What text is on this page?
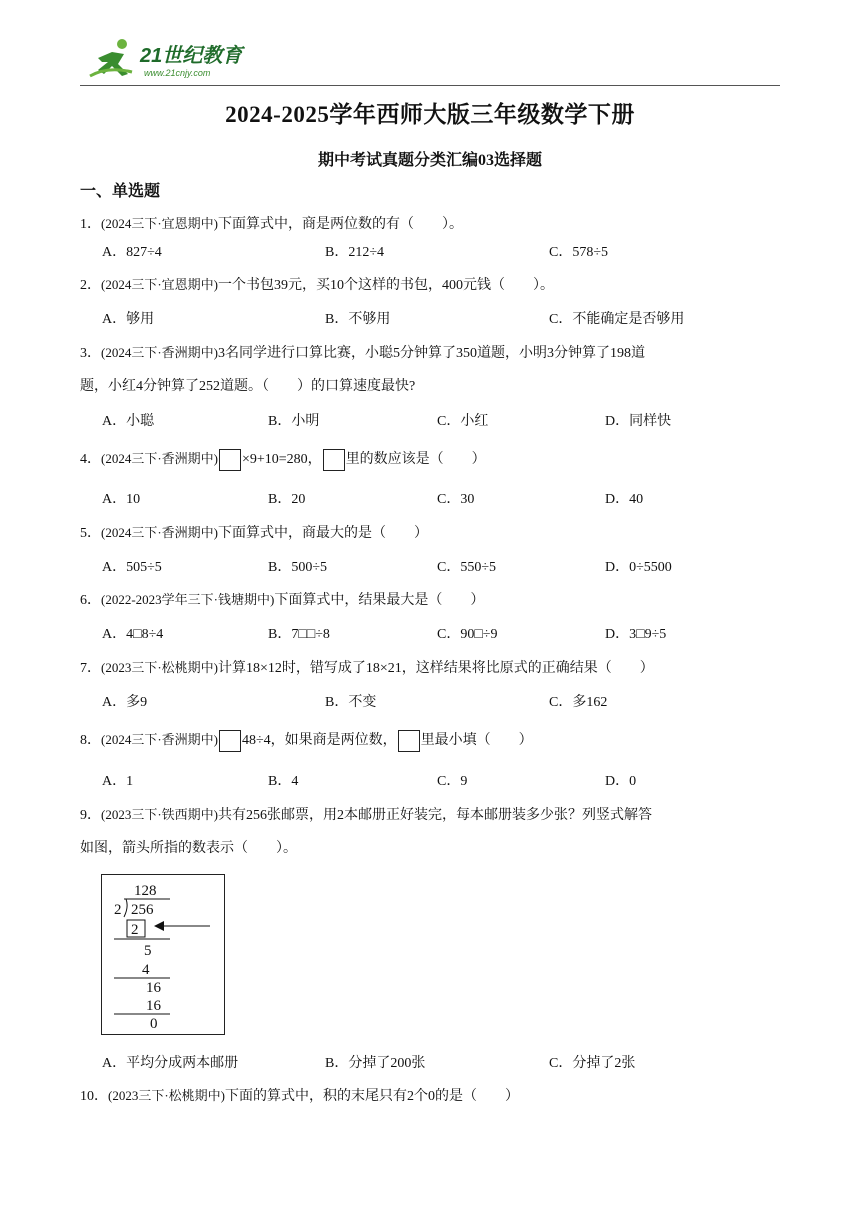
21世纪教育
www.21cnjy.com
2024-2025学年西师大版三年级数学下册
期中考试真题分类汇编03选择题
一、单选题
1．(2024三下·宜恩期中)下面算式中，商是两位数的有（　　）。
A．827÷4	B．212÷4	C．578÷5
2．(2024三下·宜恩期中)一个书包39元，买10个这样的书包，400元钱（　　）。
A．够用	B．不够用	C．不能确定是否够用
3．(2024三下·香洲期中)3名同学进行口算比赛，小聪5分钟算了350道题，小明3分钟算了198道
题，小红4分钟算了252道题。（　　）的口算速度最快?
A．小聪	B．小明	C．小红	D．同样快
4．(2024三下·香洲期中) ×9+10=280， 里的数应该是（　　）
A．10	B．20	C．30	D．40
5．(2024三下·香洲期中)下面算式中，商最大的是（　　）
A．505÷5	B．500÷5	C．550÷5	D．0÷5500
6．(2022-2023学年三下·钱塘期中)下面算式中，结果最大是（　　）
A．4□8÷4	B．7□□÷8	C．90□÷9	D．3□9÷5
7．(2023三下·松桃期中)计算18×12时，错写成了18×21，这样结果将比原式的正确结果（　　）
A．多9	B．不变	C．多162
8．(2024三下·香洲期中) 48÷4，如果商是两位数， 里最小填（　　）
A．1	B．4	C．9	D．0
9．(2023三下·铁西期中)共有256张邮票，用2本邮册正好装完，每本邮册装多少张？列竖式解答
如图，箭头所指的数表示（　　）。
128
2 256
2
5
4
16
16
0
A．平均分成两本邮册	B．分掉了200张	C．分掉了2张
10．(2023三下·松桃期中)下面的算式中，积的末尾只有2个0的是（　　）
